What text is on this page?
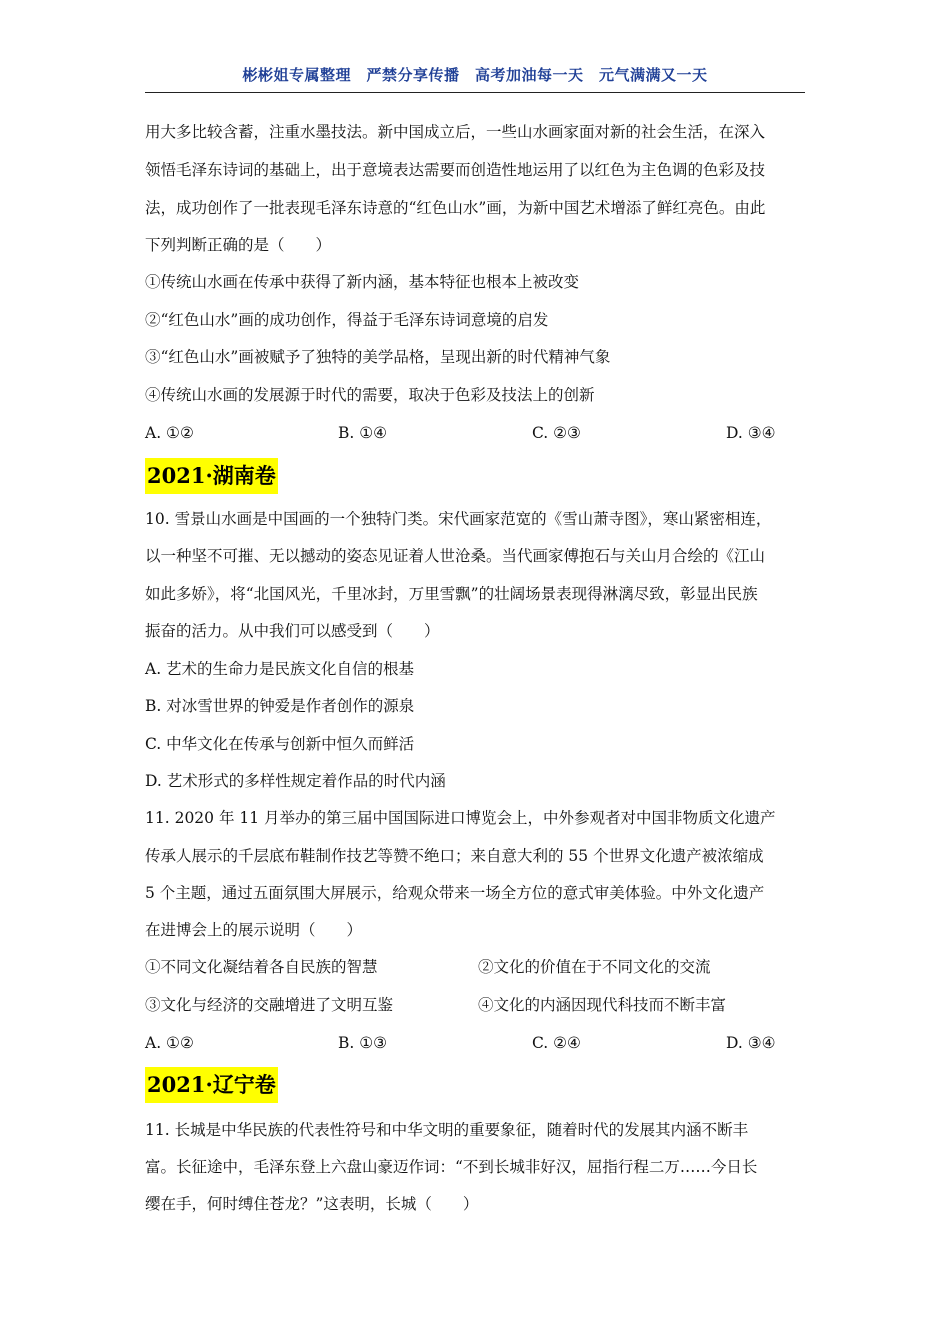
彬彬姐专属整理　严禁分享传播　高考加油每一天　元气满满又一天
用大多比较含蓄，注重水墨技法。新中国成立后，一些山水画家面对新的社会生活，在深入
领悟毛泽东诗词的基础上，出于意境表达需要而创造性地运用了以红色为主色调的色彩及技
法，成功创作了一批表现毛泽东诗意的“红色山水”画，为新中国艺术增添了鲜红亮色。由此
下列判断正确的是（　　）
①传统山水画在传承中获得了新内涵，基本特征也根本上被改变
②“红色山水”画的成功创作，得益于毛泽东诗词意境的启发
③“红色山水”画被赋予了独特的美学品格，呈现出新的时代精神气象
④传统山水画的发展源于时代的需要，取决于色彩及技法上的创新
A. ①②	B. ①④	C. ②③	D. ③④
2021·湖南卷
10. 雪景山水画是中国画的一个独特门类。宋代画家范宽的《雪山萧寺图》，寒山紧密相连，
以一种坚不可摧、无以撼动的姿态见证着人世沧桑。当代画家傅抱石与关山月合绘的《江山
如此多娇》，将“北国风光，千里冰封，万里雪飘”的壮阔场景表现得淋漓尽致，彰显出民族
振奋的活力。从中我们可以感受到（　　）
A. 艺术的生命力是民族文化自信的根基
B. 对冰雪世界的钟爱是作者创作的源泉
C. 中华文化在传承与创新中恒久而鲜活
D. 艺术形式的多样性规定着作品的时代内涵
11. 2020 年 11 月举办的第三届中国国际进口博览会上，中外参观者对中国非物质文化遗产
传承人展示的千层底布鞋制作技艺等赞不绝口；来自意大利的 55 个世界文化遗产被浓缩成
5 个主题，通过五面氛围大屏展示，给观众带来一场全方位的意式审美体验。中外文化遗产
在进博会上的展示说明（　　）
①不同文化凝结着各自民族的智慧	②文化的价值在于不同文化的交流
③文化与经济的交融增进了文明互鉴	④文化的内涵因现代科技而不断丰富
A. ①②	B. ①③	C. ②④	D. ③④
2021·辽宁卷
11. 长城是中华民族的代表性符号和中华文明的重要象征，随着时代的发展其内涵不断丰
富。长征途中，毛泽东登上六盘山豪迈作词：“不到长城非好汉，屈指行程二万……今日长
缨在手，何时缚住苍龙？”这表明，长城（　　）
